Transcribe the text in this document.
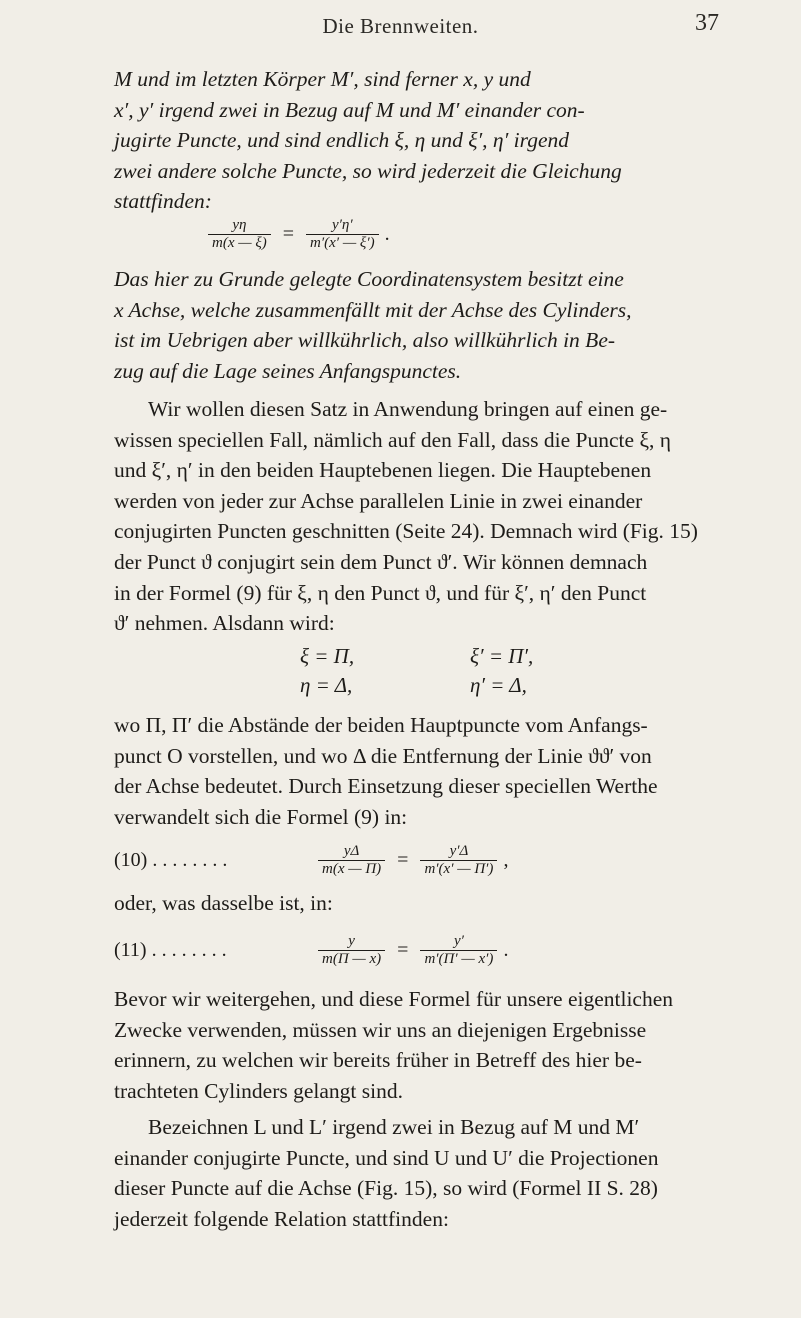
Die Brennweiten.	37

M und im letzten Körper M′, sind ferner x, y und

x′, y′ irgend zwei in Bezug auf M und M′ einander con-

jugirte Puncte, und sind endlich ξ, η und ξ′, η′ irgend

zwei andere solche Puncte, so wird jederzeit die Gleichung

stattfinden:

$\frac{y\eta}{m(x — \xi)} = \frac{y'\eta'}{m'(x' — \xi')}$ .

Das hier zu Grunde gelegte Coordinatensystem besitzt eine

x Achse, welche zusammenfällt mit der Achse des Cylinders,

ist im Uebrigen aber willkührlich, also willkührlich in Be-

zug auf die Lage seines Anfangspunctes.

Wir wollen diesen Satz in Anwendung bringen auf einen ge-

wissen speciellen Fall, nämlich auf den Fall, dass die Puncte ξ, η

und ξ′, η′ in den beiden Hauptebenen liegen. Die Hauptebenen

werden von jeder zur Achse parallelen Linie in zwei einander

conjugirten Puncten geschnitten (Seite 24). Demnach wird (Fig. 15)

der Punct ϑ conjugirt sein dem Punct ϑ′. Wir können demnach

in der Formel (9) für ξ, η den Punct ϑ, und für ξ′, η′ den Punct

ϑ′ nehmen. Alsdann wird:

ξ = Π,	ξ′ = Π′,
η = Δ,	η′ = Δ,

wo Π, Π′ die Abstände der beiden Hauptpuncte vom Anfangs-

punct O vorstellen, und wo Δ die Entfernung der Linie ϑϑ′ von

der Achse bedeutet. Durch Einsetzung dieser speciellen Werthe

verwandelt sich die Formel (9) in:

(10) . . . . . . . .	$\frac{y\Delta}{m(x — \Pi)} = \frac{y'\Delta}{m'(x' — \Pi')}$ ,

oder, was dasselbe ist, in:

(11) . . . . . . . .	$\frac{y}{m(\Pi — x)} = \frac{y'}{m'(\Pi' — x')}$ .

Bevor wir weitergehen, und diese Formel für unsere eigentlichen

Zwecke verwenden, müssen wir uns an diejenigen Ergebnisse

erinnern, zu welchen wir bereits früher in Betreff des hier be-

trachteten Cylinders gelangt sind.

Bezeichnen L und L′ irgend zwei in Bezug auf M und M′

einander conjugirte Puncte, und sind U und U′ die Projectionen

dieser Puncte auf die Achse (Fig. 15), so wird (Formel II S. 28)

jederzeit folgende Relation stattfinden:
